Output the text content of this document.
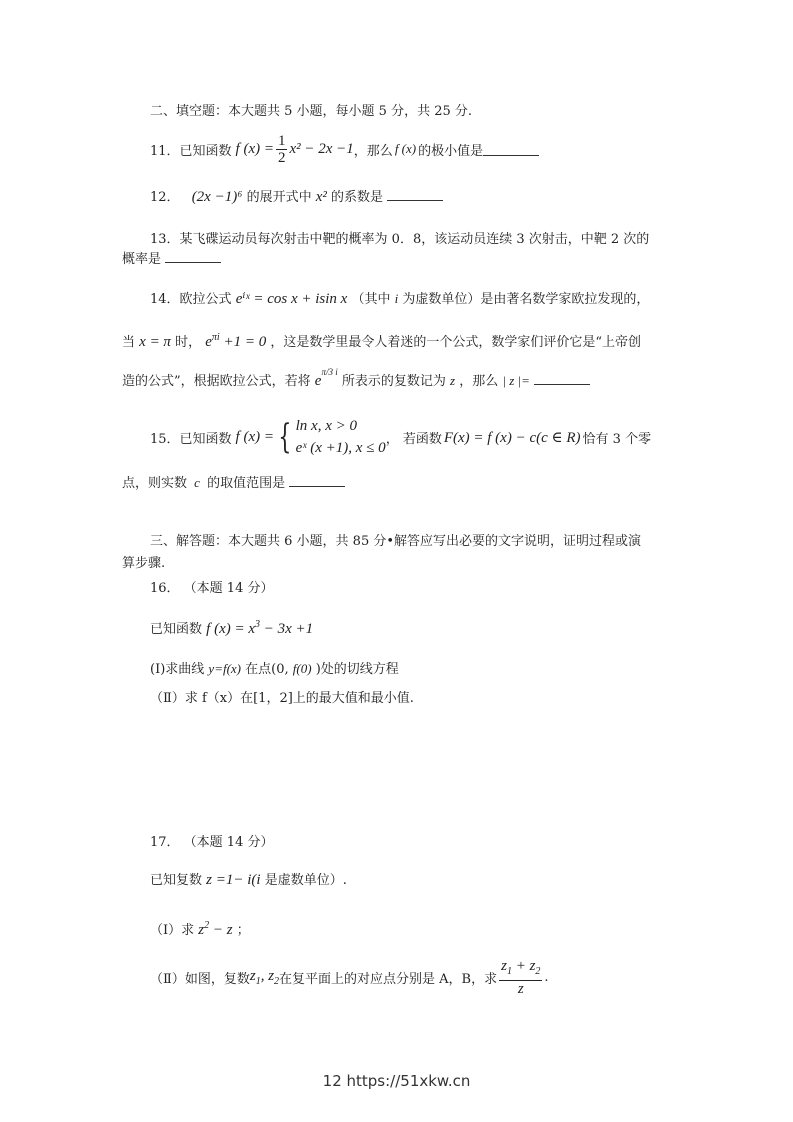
二、填空题：本大题共 5 小题，每小题 5 分，共 25 分.
11．已知函数 f $(x) = \frac{1}{2} x^2 - 2x -1$ ，那么 f (x) 的极小值是
12． (2x −1)⁶ 的展开式中 x² 的系数是
13．某飞碟运动员每次射击中靶的概率为 0．8，该运动员连续 3 次射击，中靶 2 次的
概率是
14．欧拉公式 eⁱˣ = cos x + isin x （其中 i 为虚数单位）是由著名数学家欧拉发现的，
当 x = π 时， $e^{\pi i} +1 = 0$ ，这是数学里最令人着迷的一个公式，数学家们评价它是“上帝创
造的公式”，根据欧拉公式，若将 $e^{\pi/3 i}$ 所表示的复数记为 z ，那么 | z |=
15．已知函数 f (x) = { ln x, x > 0
eˣ (x +1), x ≤ 0
， 若函数 F(x) = f (x) − c(c ∈ R) 恰有 3 个零
点，则实数 c 的取值范围是
三、解答题：本大题共 6 小题，共 85 分•解答应写出必要的文字说明，证明过程或演
算步骤.
16． （本题 14 分）
已知函数 f $(x) = x^3 - 3x +1$
(Ⅰ)求曲线 y=f(x) 在点(0, f(0) )处的切线方程
（Ⅱ）求 f（x）在[1，2]上的最大值和最小值.
17． （本题 14 分）
已知复数 z =1− i(i 是虚数单位）.
（Ⅰ）求 $z^2 - z$ ；
（Ⅱ）如图，复数 $z_1$, $z_2$ 在复平面上的对应点分别是 A，B，求 $\frac{z_1 + z_2}{z}$ .
12 https://51xkw.cn
